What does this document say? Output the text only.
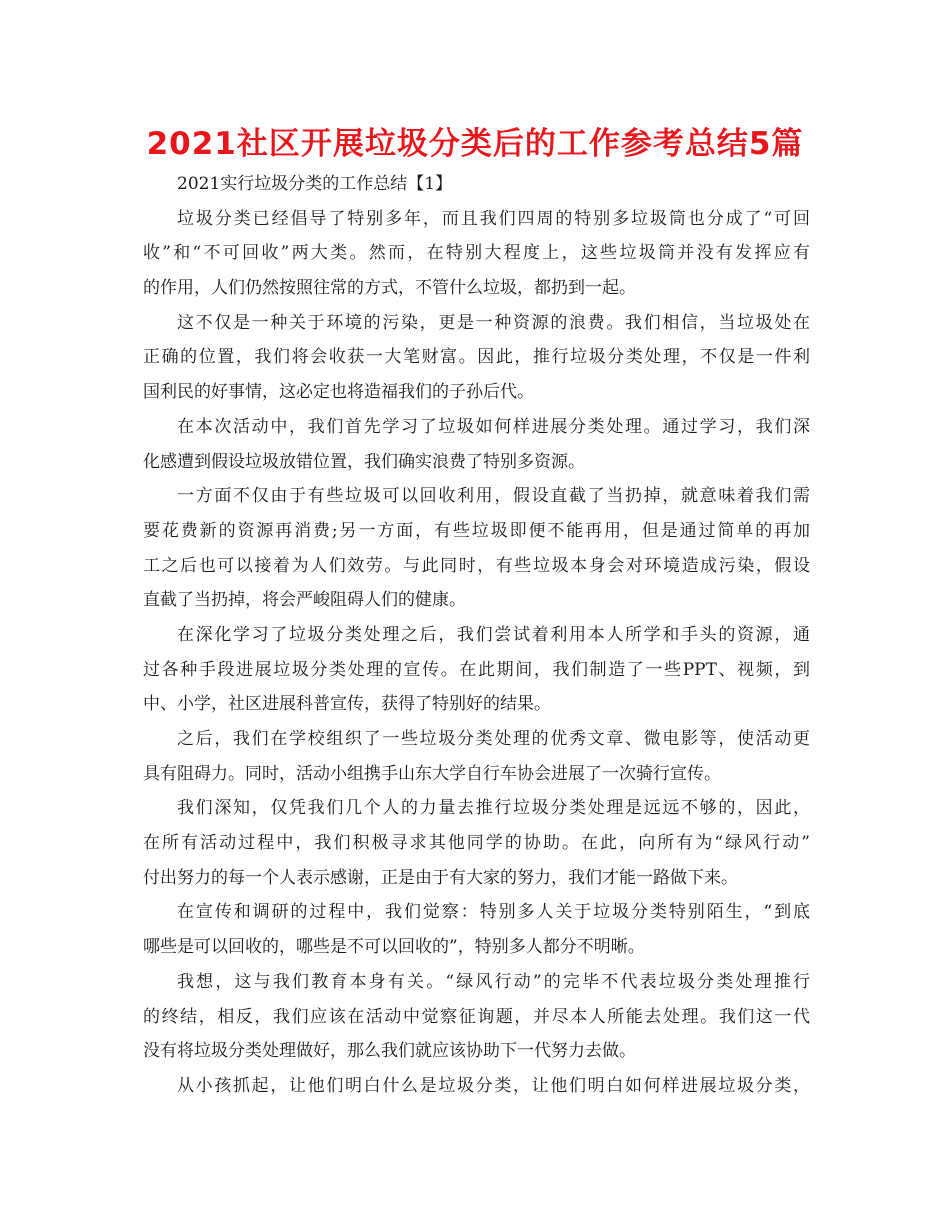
2021社区开展垃圾分类后的工作参考总结5篇
2021实行垃圾分类的工作总结【1】
垃圾分类已经倡导了特别多年，而且我们四周的特别多垃圾筒也分成了“可回
收”和“不可回收”两大类。然而，在特别大程度上，这些垃圾筒并没有发挥应有
的作用，人们仍然按照往常的方式，不管什么垃圾，都扔到一起。
这不仅是一种关于环境的污染，更是一种资源的浪费。我们相信，当垃圾处在
正确的位置，我们将会收获一大笔财富。因此，推行垃圾分类处理，不仅是一件利
国利民的好事情，这必定也将造福我们的子孙后代。
在本次活动中，我们首先学习了垃圾如何样进展分类处理。通过学习，我们深
化感遭到假设垃圾放错位置，我们确实浪费了特别多资源。
一方面不仅由于有些垃圾可以回收利用，假设直截了当扔掉，就意味着我们需
要花费新的资源再消费;另一方面，有些垃圾即便不能再用，但是通过简单的再加
工之后也可以接着为人们效劳。与此同时，有些垃圾本身会对环境造成污染，假设
直截了当扔掉，将会严峻阻碍人们的健康。
在深化学习了垃圾分类处理之后，我们尝试着利用本人所学和手头的资源，通
过各种手段进展垃圾分类处理的宣传。在此期间，我们制造了一些PPT、视频，到
中、小学，社区进展科普宣传，获得了特别好的结果。
之后，我们在学校组织了一些垃圾分类处理的优秀文章、微电影等，使活动更
具有阻碍力。同时，活动小组携手山东大学自行车协会进展了一次骑行宣传。
我们深知，仅凭我们几个人的力量去推行垃圾分类处理是远远不够的，因此，
在所有活动过程中，我们积极寻求其他同学的协助。在此，向所有为“绿风行动”
付出努力的每一个人表示感谢，正是由于有大家的努力，我们才能一路做下来。
在宣传和调研的过程中，我们觉察：特别多人关于垃圾分类特别陌生，“到底
哪些是可以回收的，哪些是不可以回收的”，特别多人都分不明晰。
我想，这与我们教育本身有关。“绿风行动”的完毕不代表垃圾分类处理推行
的终结，相反，我们应该在活动中觉察征询题，并尽本人所能去处理。我们这一代
没有将垃圾分类处理做好，那么我们就应该协助下一代努力去做。
从小孩抓起，让他们明白什么是垃圾分类，让他们明白如何样进展垃圾分类，
